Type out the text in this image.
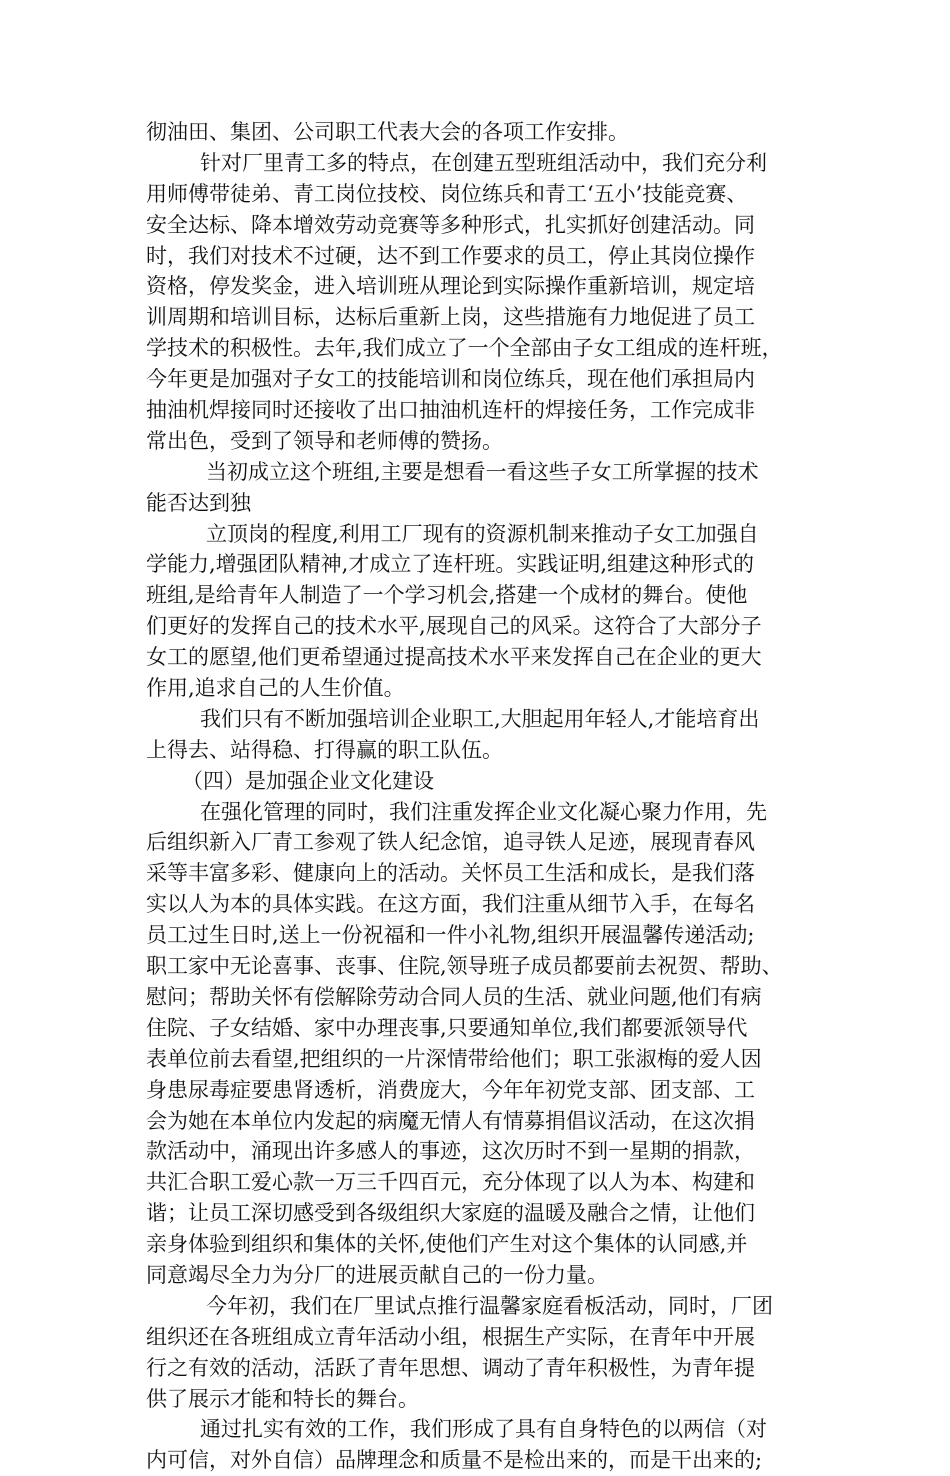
彻油田、集团、公司职工代表大会的各项工作安排。
针对厂里青工多的特点，在创建五型班组活动中，我们充分利
用师傅带徒弟、青工岗位技校、岗位练兵和青工‘五小’技能竞赛、
安全达标、降本增效劳动竞赛等多种形式，扎实抓好创建活动。同
时，我们对技术不过硬，达不到工作要求的员工，停止其岗位操作
资格，停发奖金，进入培训班从理论到实际操作重新培训，规定培
训周期和培训目标，达标后重新上岗，这些措施有力地促进了员工
学技术的积极性。去年,我们成立了一个全部由子女工组成的连杆班，
今年更是加强对子女工的技能培训和岗位练兵，现在他们承担局内
抽油机焊接同时还接收了出口抽油机连杆的焊接任务，工作完成非
常出色，受到了领导和老师傅的赞扬。
当初成立这个班组,主要是想看一看这些子女工所掌握的技术
能否达到独
立顶岗的程度,利用工厂现有的资源机制来推动子女工加强自
学能力,增强团队精神,才成立了连杆班。实践证明,组建这种形式的
班组,是给青年人制造了一个学习机会,搭建一个成材的舞台。使他
们更好的发挥自己的技术水平,展现自己的风采。这符合了大部分子
女工的愿望,他们更希望通过提高技术水平来发挥自己在企业的更大
作用,追求自己的人生价值。
我们只有不断加强培训企业职工,大胆起用年轻人,才能培育出
上得去、站得稳、打得赢的职工队伍。
（四）是加强企业文化建设
在强化管理的同时，我们注重发挥企业文化凝心聚力作用，先
后组织新入厂青工参观了铁人纪念馆，追寻铁人足迹，展现青春风
采等丰富多彩、健康向上的活动。关怀员工生活和成长，是我们落
实以人为本的具体实践。在这方面，我们注重从细节入手，在每名
员工过生日时,送上一份祝福和一件小礼物,组织开展温馨传递活动;
职工家中无论喜事、丧事、住院,领导班子成员都要前去祝贺、帮助、
慰问；帮助关怀有偿解除劳动合同人员的生活、就业问题,他们有病
住院、子女结婚、家中办理丧事,只要通知单位,我们都要派领导代
表单位前去看望,把组织的一片深情带给他们；职工张淑梅的爱人因
身患尿毒症要患肾透析，消费庞大，今年年初党支部、团支部、工
会为她在本单位内发起的病魔无情人有情募捐倡议活动，在这次捐
款活动中，涌现出许多感人的事迹，这次历时不到一星期的捐款，
共汇合职工爱心款一万三千四百元，充分体现了以人为本、构建和
谐；让员工深切感受到各级组织大家庭的温暖及融合之情，让他们
亲身体验到组织和集体的关怀,使他们产生对这个集体的认同感,并
同意竭尽全力为分厂的进展贡献自己的一份力量。
今年初，我们在厂里试点推行温馨家庭看板活动，同时，厂团
组织还在各班组成立青年活动小组，根据生产实际，在青年中开展
行之有效的活动，活跃了青年思想、调动了青年积极性，为青年提
供了展示才能和特长的舞台。
通过扎实有效的工作，我们形成了具有自身特色的以两信（对
内可信，对外自信）品牌理念和质量不是检出来的，而是干出来的;
